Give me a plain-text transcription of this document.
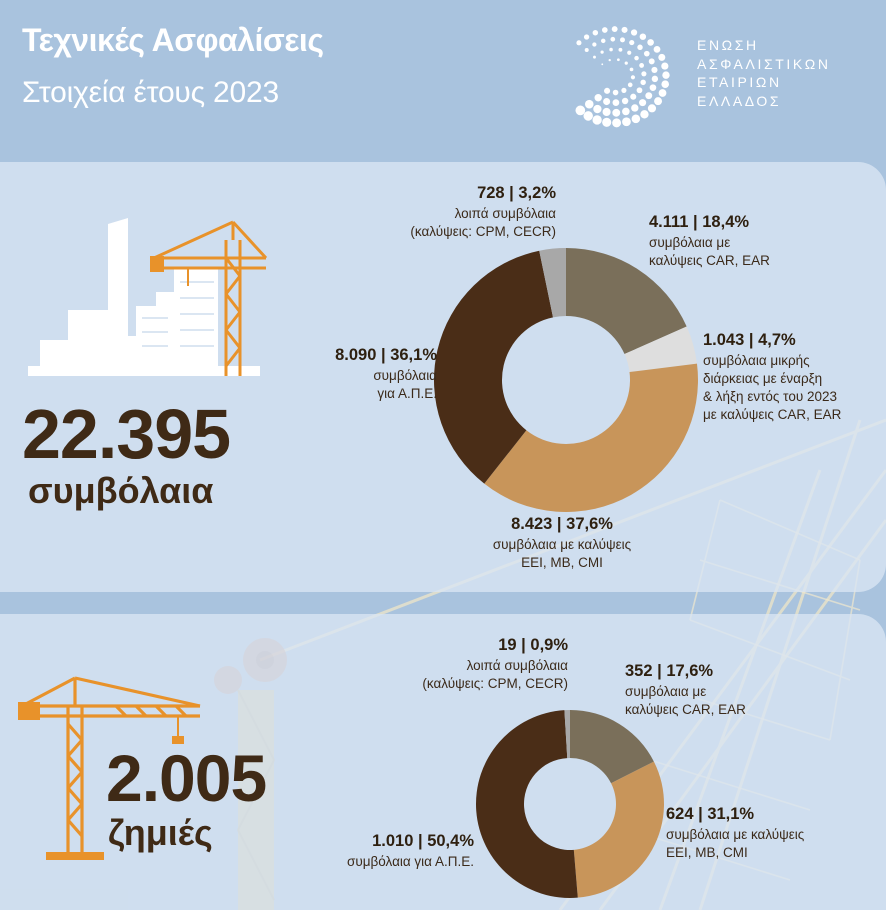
Τεχνικές Ασφαλίσεις
Στοιχεία έτους 2023
ΕΝΩΣΗ
ΑΣΦΑΛΙΣΤΙΚΩΝ
ΕΤΑΙΡΙΩΝ
ΕΛΛΑΔΟΣ
22.395
συμβόλαια
728 | 3,2%
λοιπά συμβόλαια
(καλύψεις: CPM, CECR)
4.111 | 18,4%
συμβόλαια με
καλύψεις CAR, EAR
1.043 | 4,7%
συμβόλαια μικρής
διάρκειας με έναρξη
& λήξη εντός του 2023
με καλύψεις CAR, EAR
8.090 | 36,1%
συμβόλαια
για Α.Π.Ε.
8.423 | 37,6%
συμβόλαια με καλύψεις
EEI, MB, CMI
2.005
ζημιές
19 | 0,9%
λοιπά συμβόλαια
(καλύψεις: CPM, CECR)
352 | 17,6%
συμβόλαια με
καλύψεις CAR, EAR
624 | 31,1%
συμβόλαια με καλύψεις
EEI, MB, CMI
1.010 | 50,4%
συμβόλαια για Α.Π.Ε.
